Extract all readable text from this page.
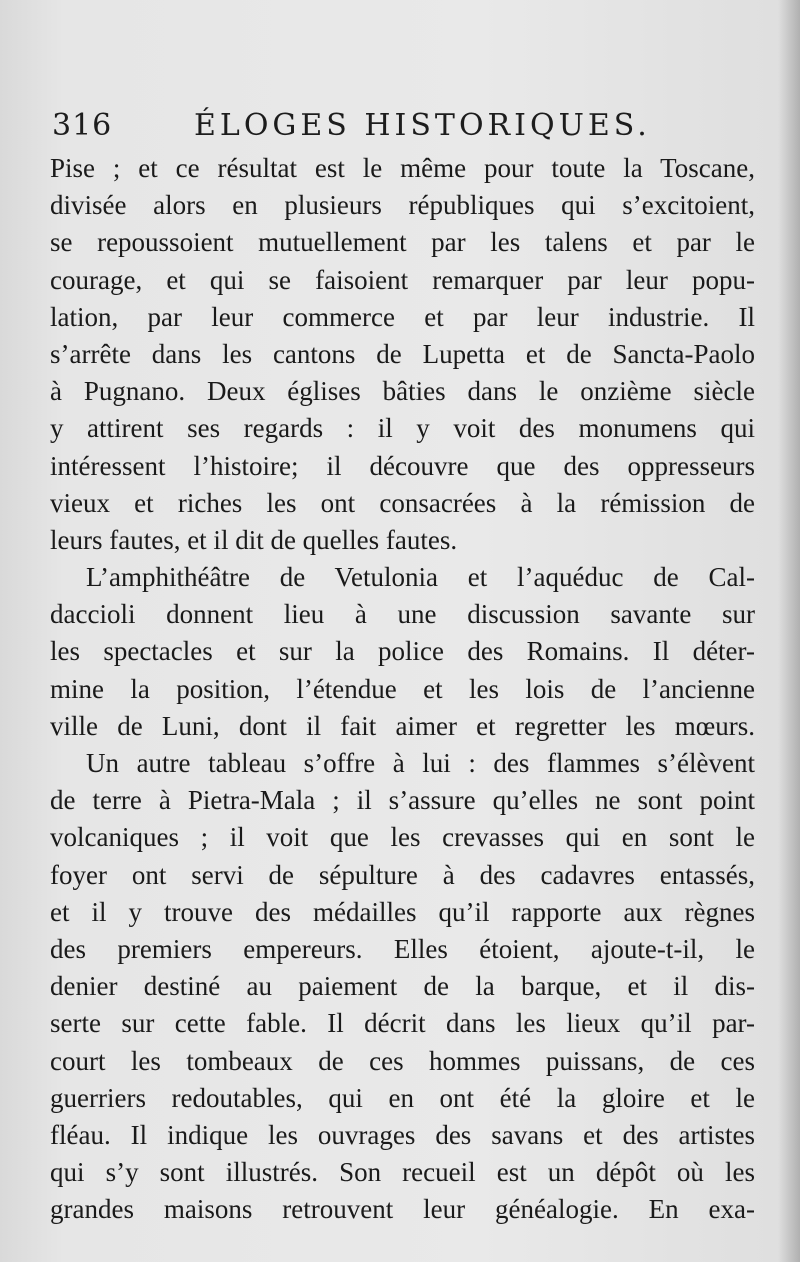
316	ÉLOGES HISTORIQUES.
Pise ; et ce résultat est le même pour toute la Toscane,
divisée alors en plusieurs républiques qui s’excitoient,
se repoussoient mutuellement par les talens et par le
courage, et qui se faisoient remarquer par leur popu-
lation, par leur commerce et par leur industrie. Il
s’arrête dans les cantons de Lupetta et de Sancta-Paolo
à Pugnano. Deux églises bâties dans le onzième siècle
y attirent ses regards : il y voit des monumens qui
intéressent l’histoire; il découvre que des oppresseurs
vieux et riches les ont consacrées à la rémission de
leurs fautes, et il dit de quelles fautes.
L’amphithéâtre de Vetulonia et l’aquéduc de Cal-
daccioli donnent lieu à une discussion savante sur
les spectacles et sur la police des Romains. Il déter-
mine la position, l’étendue et les lois de l’ancienne
ville de Luni, dont il fait aimer et regretter les mœurs.
Un autre tableau s’offre à lui : des flammes s’élèvent
de terre à Pietra-Mala ; il s’assure qu’elles ne sont point
volcaniques ; il voit que les crevasses qui en sont le
foyer ont servi de sépulture à des cadavres entassés,
et il y trouve des médailles qu’il rapporte aux règnes
des premiers empereurs. Elles étoient, ajoute-t-il, le
denier destiné au paiement de la barque, et il dis-
serte sur cette fable. Il décrit dans les lieux qu’il par-
court les tombeaux de ces hommes puissans, de ces
guerriers redoutables, qui en ont été la gloire et le
fléau. Il indique les ouvrages des savans et des artistes
qui s’y sont illustrés. Son recueil est un dépôt où les
grandes maisons retrouvent leur généalogie. En exa-
